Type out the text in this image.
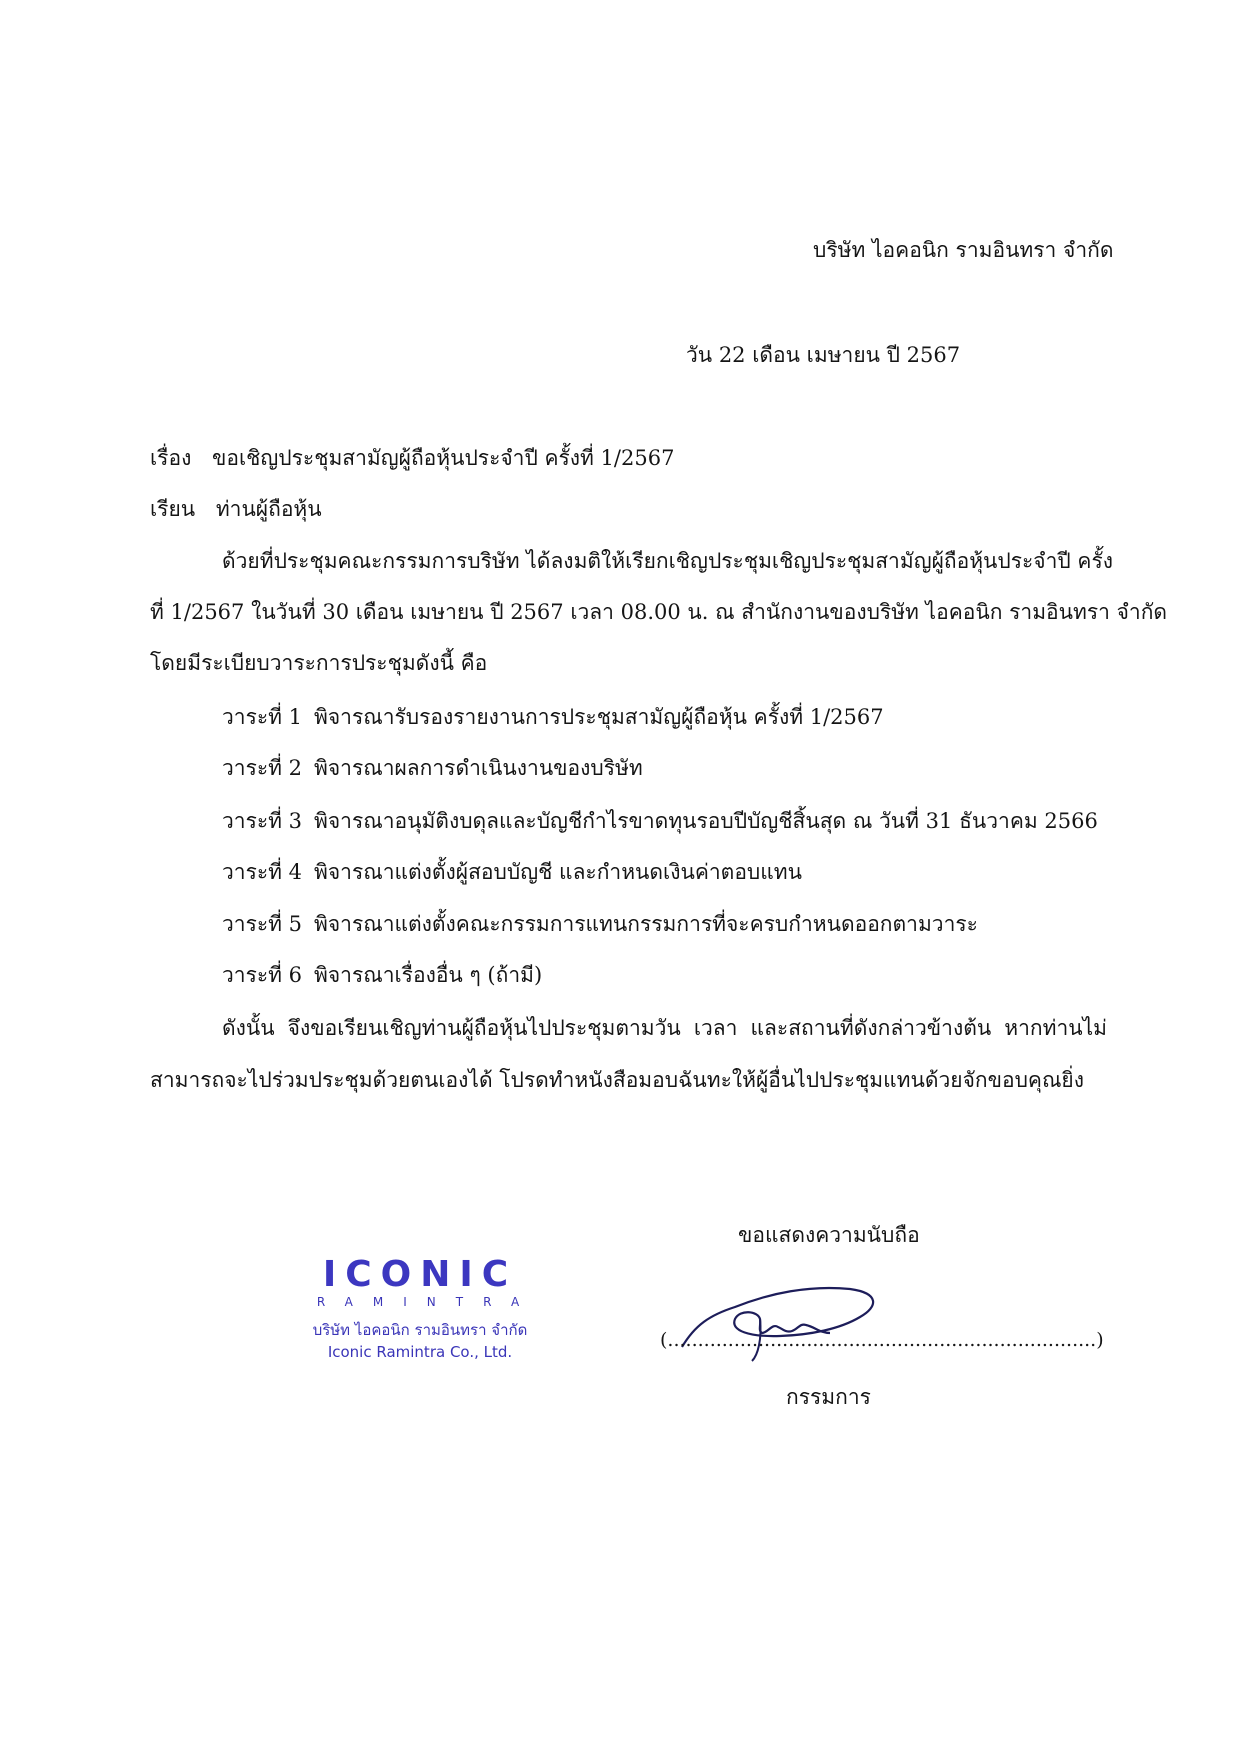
บริษัท ไอคอนิก รามอินทรา จำกัด
วัน 22 เดือน เมษายน ปี 2567
เรื่อง ขอเชิญประชุมสามัญผู้ถือหุ้นประจำปี ครั้งที่ 1/2567
เรียน ท่านผู้ถือหุ้น
ด้วยที่ประชุมคณะกรรมการบริษัท ได้ลงมติให้เรียกเชิญประชุมเชิญประชุมสามัญผู้ถือหุ้นประจำปี ครั้ง
ที่ 1/2567 ในวันที่ 30 เดือน เมษายน ปี 2567 เวลา 08.00 น. ณ สำนักงานของบริษัท ไอคอนิก รามอินทรา จำกัด
โดยมีระเบียบวาระการประชุมดังนี้ คือ
วาระที่ 1 พิจารณารับรองรายงานการประชุมสามัญผู้ถือหุ้น ครั้งที่ 1/2567
วาระที่ 2 พิจารณาผลการดำเนินงานของบริษัท
วาระที่ 3 พิจารณาอนุมัติงบดุลและบัญชีกำไรขาดทุนรอบปีบัญชีสิ้นสุด ณ วันที่ 31 ธันวาคม 2566
วาระที่ 4 พิจารณาแต่งตั้งผู้สอบบัญชี และกำหนดเงินค่าตอบแทน
วาระที่ 5 พิจารณาแต่งตั้งคณะกรรมการแทนกรรมการที่จะครบกำหนดออกตามวาระ
วาระที่ 6 พิจารณาเรื่องอื่น ๆ (ถ้ามี)
ดังนั้น จึงขอเรียนเชิญท่านผู้ถือหุ้นไปประชุมตามวัน เวลา และสถานที่ดังกล่าวข้างต้น หากท่านไม่
สามารถจะไปร่วมประชุมด้วยตนเองได้ โปรดทำหนังสือมอบฉันทะให้ผู้อื่นไปประชุมแทนด้วยจักขอบคุณยิ่ง
ขอแสดงความนับถือ
(.......................................................................)
กรรมการ
ICONIC
RAMINTRA
บริษัท ไอคอนิก รามอินทรา จำกัด
Iconic Ramintra Co., Ltd.
